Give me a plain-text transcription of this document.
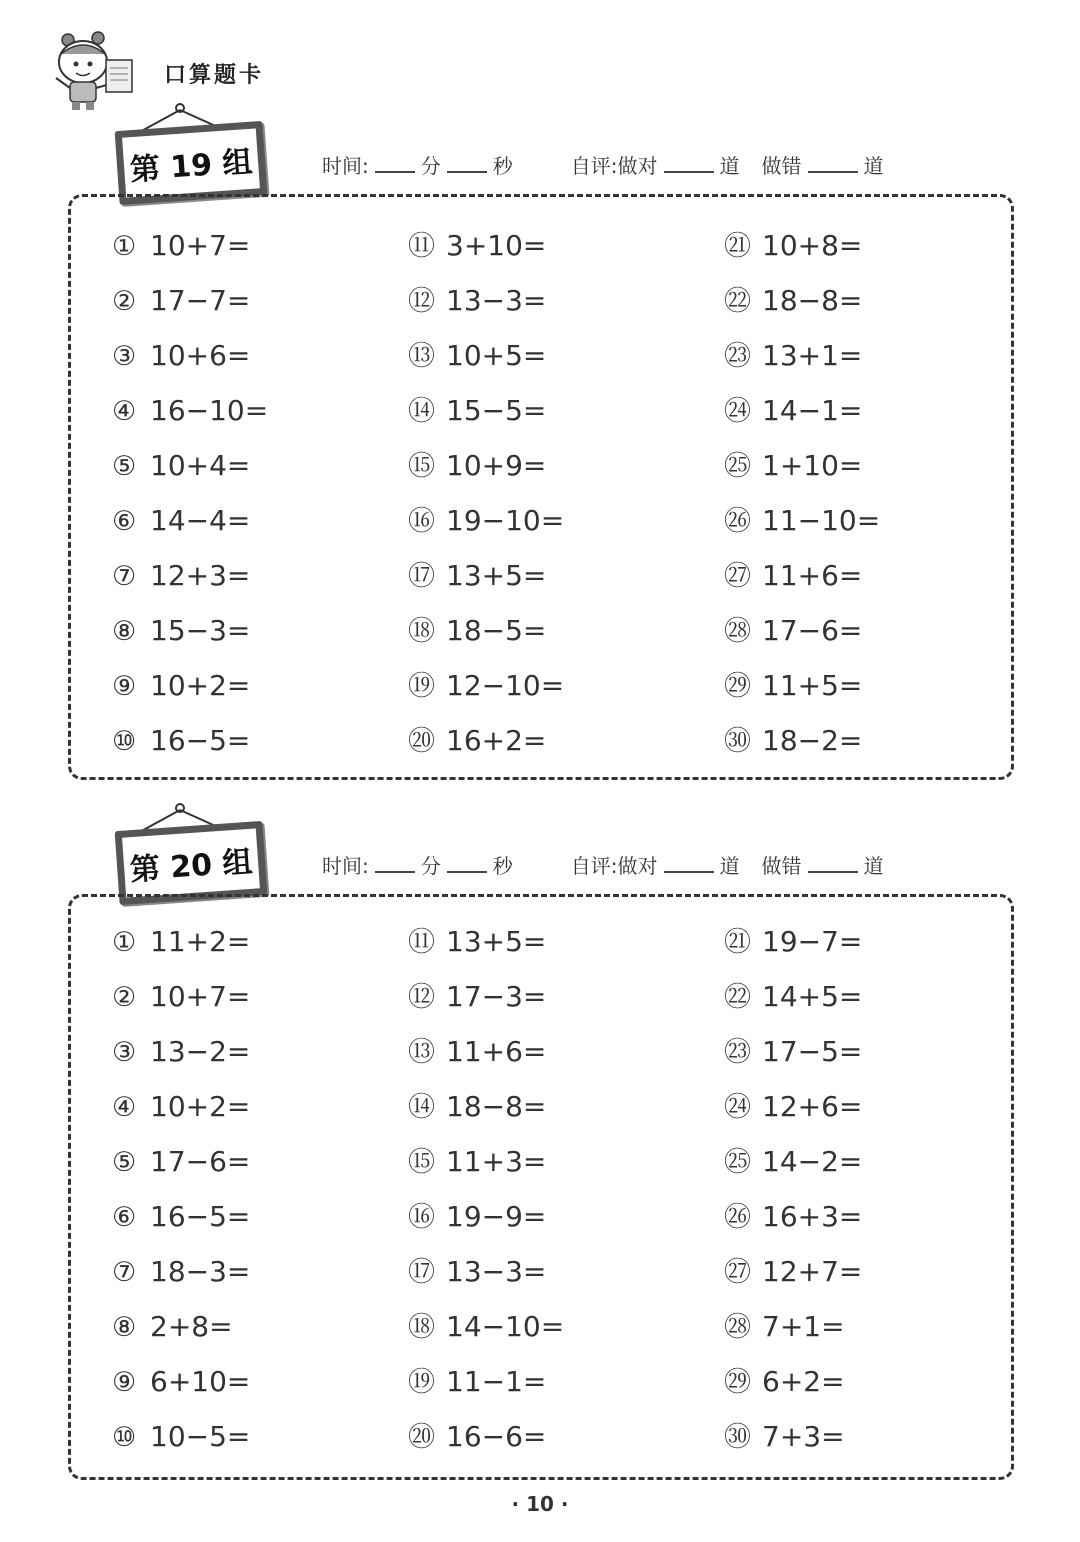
口算题卡
第 19 组	时间:	分	秒	自评:做对	道 做错	道
① 10+7=
② 17−7=
③ 10+6=
④ 16−10=
⑤ 10+4=
⑥ 14−4=
⑦ 12+3=
⑧ 15−3=
⑨ 10+2=
⑩ 16−5=
⑪ 3+10=
⑫ 13−3=
⑬ 10+5=
⑭ 15−5=
⑮ 10+9=
⑯ 19−10=
⑰ 13+5=
⑱ 18−5=
⑲ 12−10=
⑳ 16+2=
㉑ 10+8=
㉒ 18−8=
㉓ 13+1=
㉔ 14−1=
㉕ 1+10=
㉖ 11−10=
㉗ 11+6=
㉘ 17−6=
㉙ 11+5=
㉚ 18−2=
第 20 组	时间:	分	秒	自评:做对	道 做错	道
① 11+2=
② 10+7=
③ 13−2=
④ 10+2=
⑤ 17−6=
⑥ 16−5=
⑦ 18−3=
⑧ 2+8=
⑨ 6+10=
⑩ 10−5=
⑪ 13+5=
⑫ 17−3=
⑬ 11+6=
⑭ 18−8=
⑮ 11+3=
⑯ 19−9=
⑰ 13−3=
⑱ 14−10=
⑲ 11−1=
⑳ 16−6=
㉑ 19−7=
㉒ 14+5=
㉓ 17−5=
㉔ 12+6=
㉕ 14−2=
㉖ 16+3=
㉗ 12+7=
㉘ 7+1=
㉙ 6+2=
㉚ 7+3=
· 10 ·
